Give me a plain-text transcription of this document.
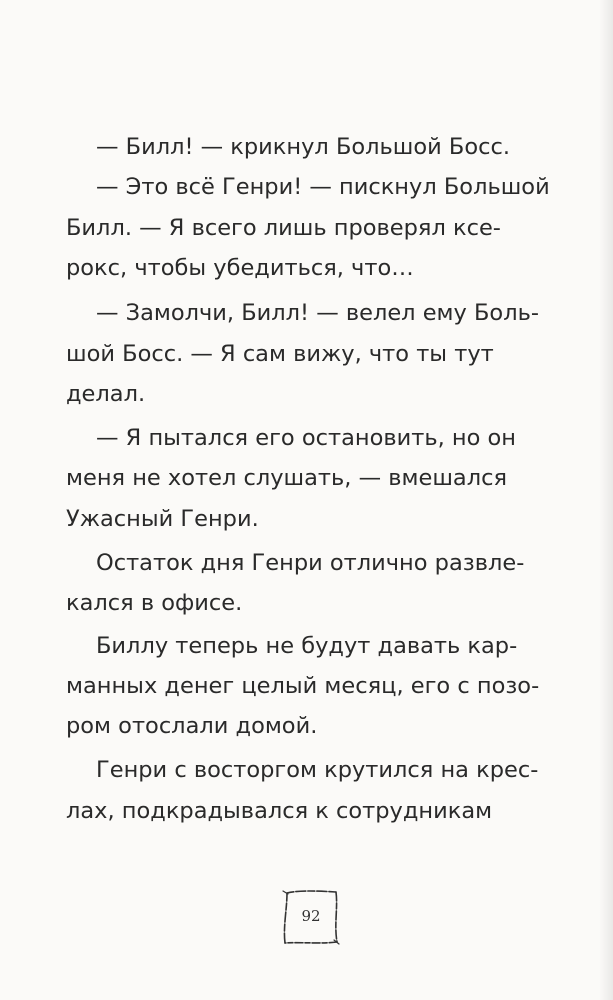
— Билл! — крикнул Большой Босс.
— Это всё Генри! — пискнул Большой
Билл. — Я всего лишь проверял ксе-
рокс, чтобы убедиться, что…
— Замолчи, Билл! — велел ему Боль-
шой Босс. — Я сам вижу, что ты тут
делал.
— Я пытался его остановить, но он
меня не хотел слушать, — вмешался
Ужасный Генри.
Остаток дня Генри отлично развле-
кался в офисе.
Биллу теперь не будут давать кар-
манных денег целый месяц, его с позо-
ром отослали домой.
Генри с восторгом крутился на крес-
лах, подкрадывался к сотрудникам
92
